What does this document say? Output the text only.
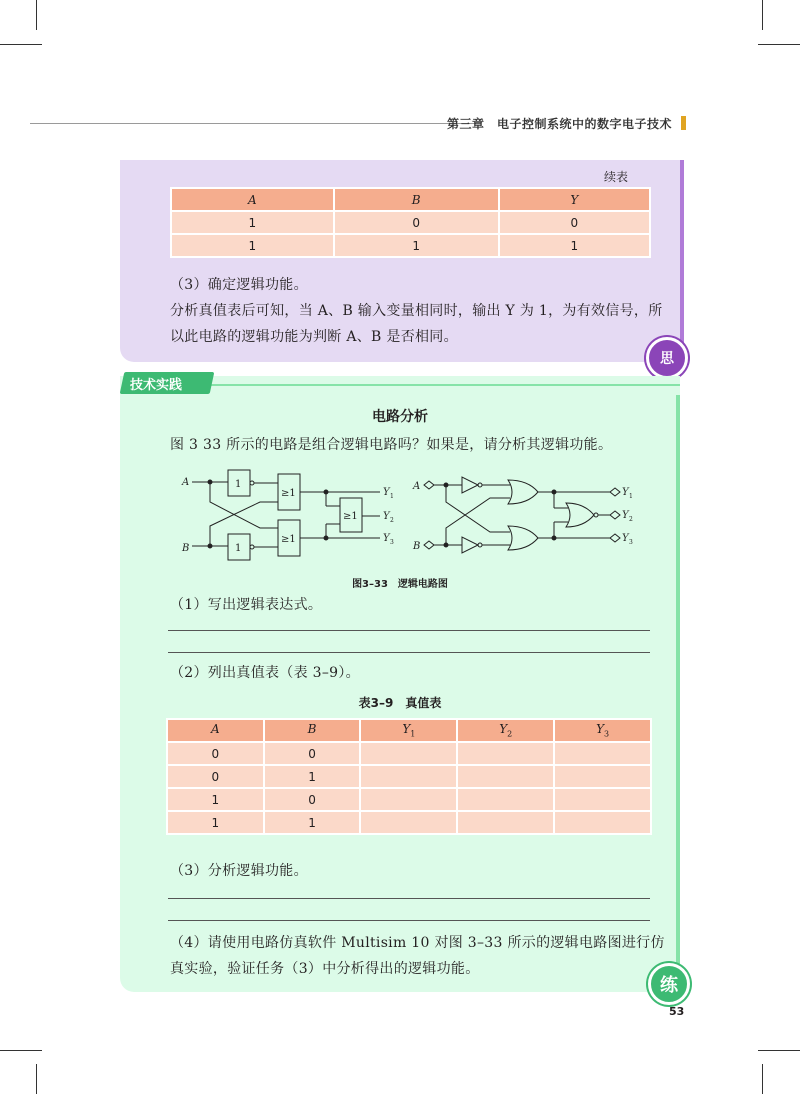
第三章　电子控制系统中的数字电子技术
续表
A	B	Y
1	0	0
1	1	1
（3）确定逻辑功能。
分析真值表后可知，当 A、B 输入变量相同时，输出 Y 为 1，为有效信号，所
以此电路的逻辑功能为判断 A、B 是否相同。
思
技术实践
电路分析
图 3 33 所示的电路是组合逻辑电路吗？如果是，请分析其逻辑功能。
A
B
1
1
≥1
≥1
≥1
Y 1
Y 2
Y 3
A
B
Y 1
Y 2
Y 3
图3–33　逻辑电路图
（1）写出逻辑表达式。
（2）列出真值表（表 3–9）。
表3–9　真值表
A	B	$Y_1$	$Y_2$	$Y_3$
0	0			
0	1			
1	0			
1	1			
（3）分析逻辑功能。
（4）请使用电路仿真软件 Multisim 10 对图 3–33 所示的逻辑电路图进行仿
真实验，验证任务（3）中分析得出的逻辑功能。
练
53
